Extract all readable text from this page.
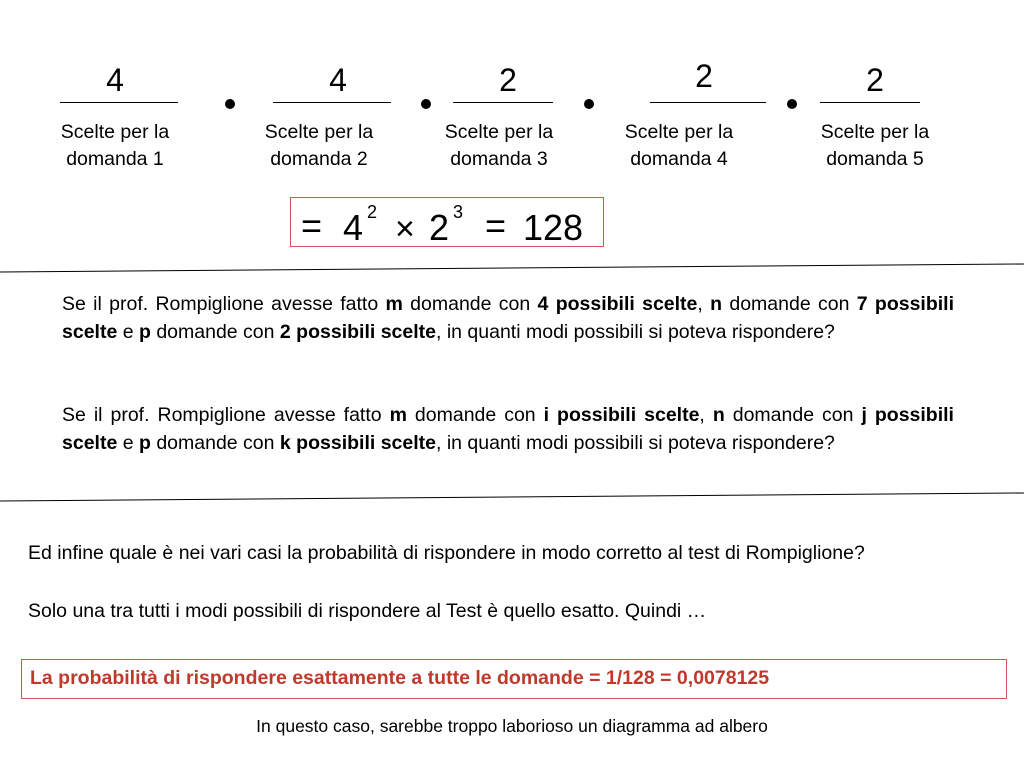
4	4	2	2	2
Scelte per la
domanda 1
Scelte per la
domanda 2
Scelte per la
domanda 3
Scelte per la
domanda 4
Scelte per la
domanda 5
= 4 2 × 2 3 = 128
Se il prof. Rompiglione avesse fatto m domande con 4 possibili scelte, n domande con 7 possibili scelte e p domande con 2 possibili scelte, in quanti modi possibili si poteva rispondere?
Se il prof. Rompiglione avesse fatto m domande con i possibili scelte, n domande con j possibili scelte e p domande con k possibili scelte, in quanti modi possibili si poteva rispondere?
Ed infine quale è nei vari casi la probabilità di rispondere in modo corretto al test di Rompiglione?
Solo una tra tutti i modi possibili di rispondere al Test è quello esatto. Quindi …
La probabilità di rispondere esattamente a tutte le domande = 1/128 = 0,0078125
In questo caso, sarebbe troppo laborioso un diagramma ad albero
